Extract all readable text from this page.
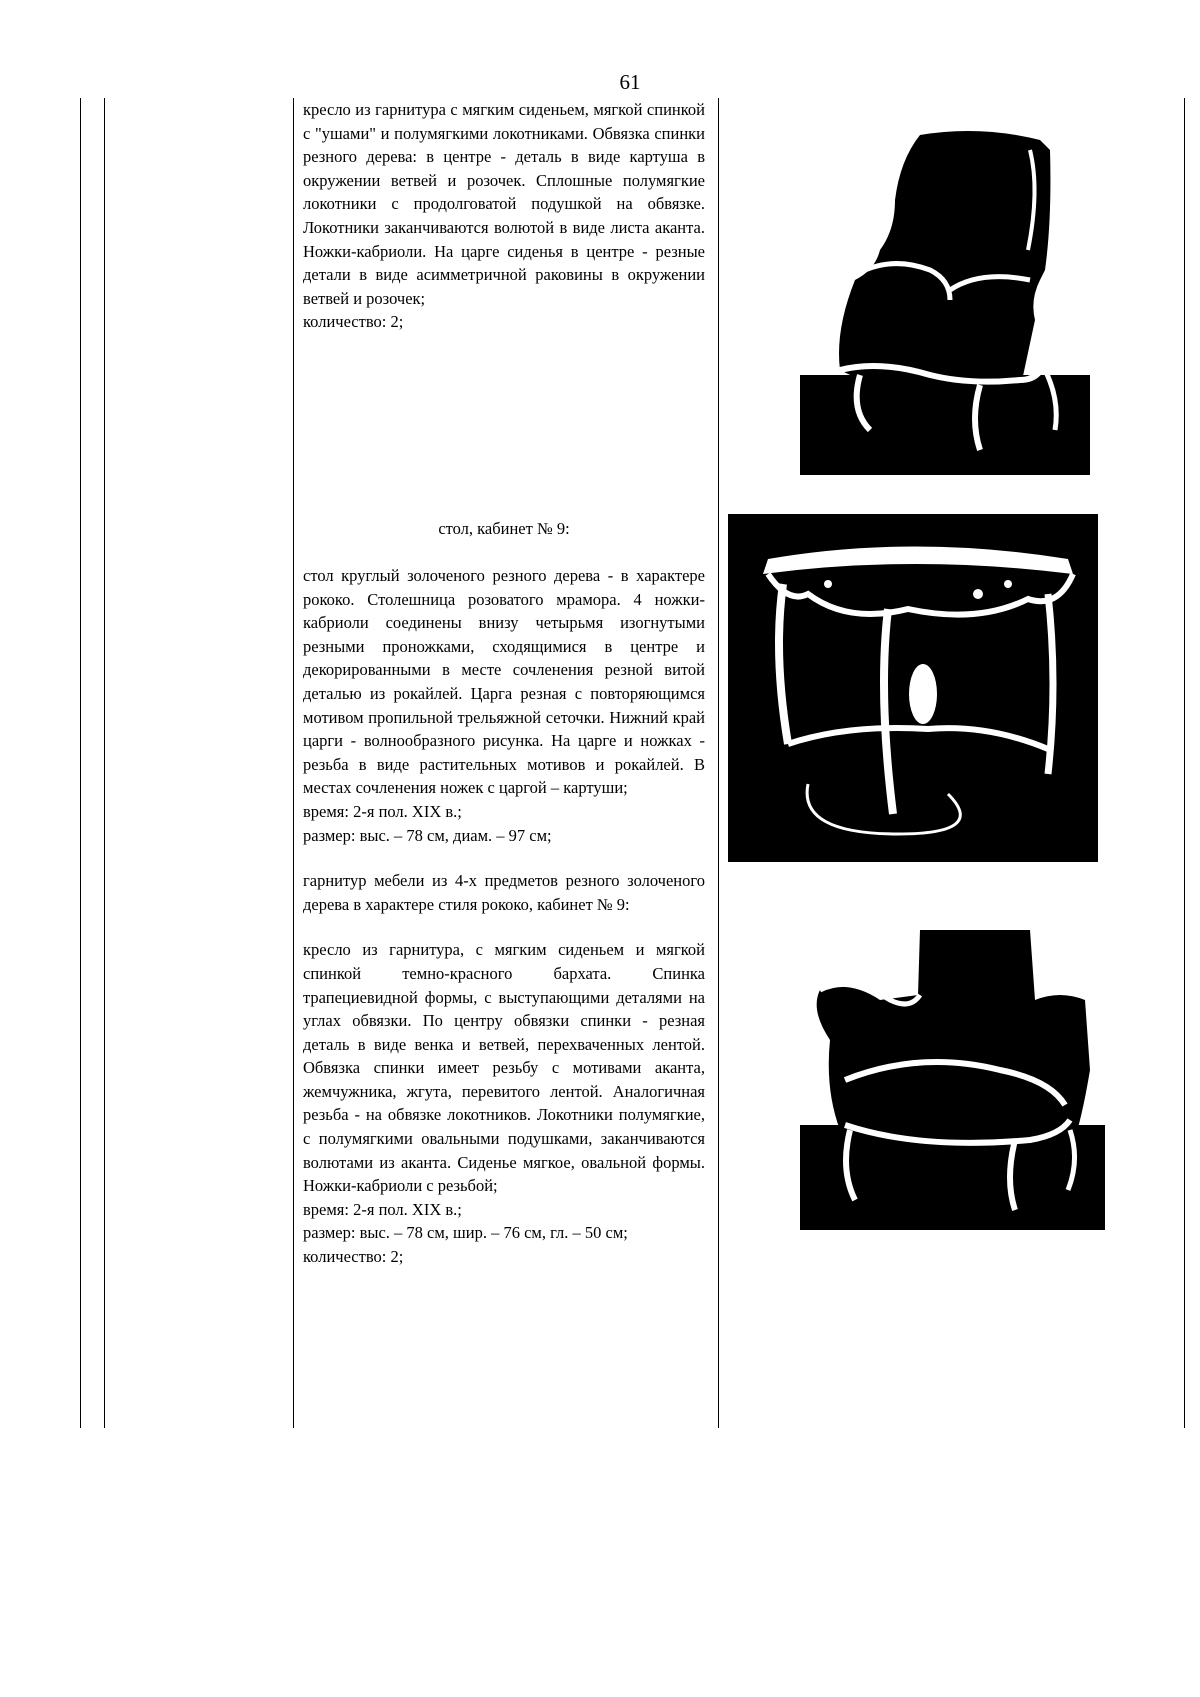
61

кресло из гарнитура с мягким сиденьем, мягкой спинкой с "ушами" и полумягкими локотниками. Обвязка спинки резного дерева: в центре - деталь в виде картуша в окружении ветвей и розочек. Сплошные полумягкие локотники с продолговатой подушкой на обвязке. Локотники заканчиваются волютой в виде листа аканта. Ножки-кабриоли. На царге сиденья в центре - резные детали в виде асимметричной раковины в окружении ветвей и розочек;

количество: 2;

стол, кабинет № 9:

стол круглый золоченого резного дерева - в характере рококо. Столешница розоватого мрамора. 4 ножки-кабриоли соединены внизу четырьмя изогнутыми резными проножками, сходящимися в центре и декорированными в месте сочленения резной витой деталью из рокайлей. Царга резная с повторяющимся мотивом пропильной трельяжной сеточки. Нижний край царги - волнообразного рисунка. На царге и ножках - резьба в виде растительных мотивов и рокайлей. В местах сочленения ножек с царгой – картуши;

время: 2-я пол. XIX в.;

размер: выс. – 78 см, диам. – 97 см;

гарнитур мебели из 4-х предметов резного золоченого дерева в характере стиля рококо, кабинет № 9:

кресло из гарнитура, с мягким сиденьем и мягкой спинкой темно-красного бархата. Спинка трапециевидной формы, с выступающими деталями на углах обвязки. По центру обвязки спинки - резная деталь в виде венка и ветвей, перехваченных лентой. Обвязка спинки имеет резьбу с мотивами аканта, жемчужника, жгута, перевитого лентой. Аналогичная резьба - на обвязке локотников. Локотники полумягкие, с полумягкими овальными подушками, заканчиваются волютами из аканта. Сиденье мягкое, овальной формы. Ножки-кабриоли с резьбой;

время: 2-я пол. XIX в.;

размер: выс. – 78 см, шир. – 76 см, гл. – 50 см;

количество: 2;
